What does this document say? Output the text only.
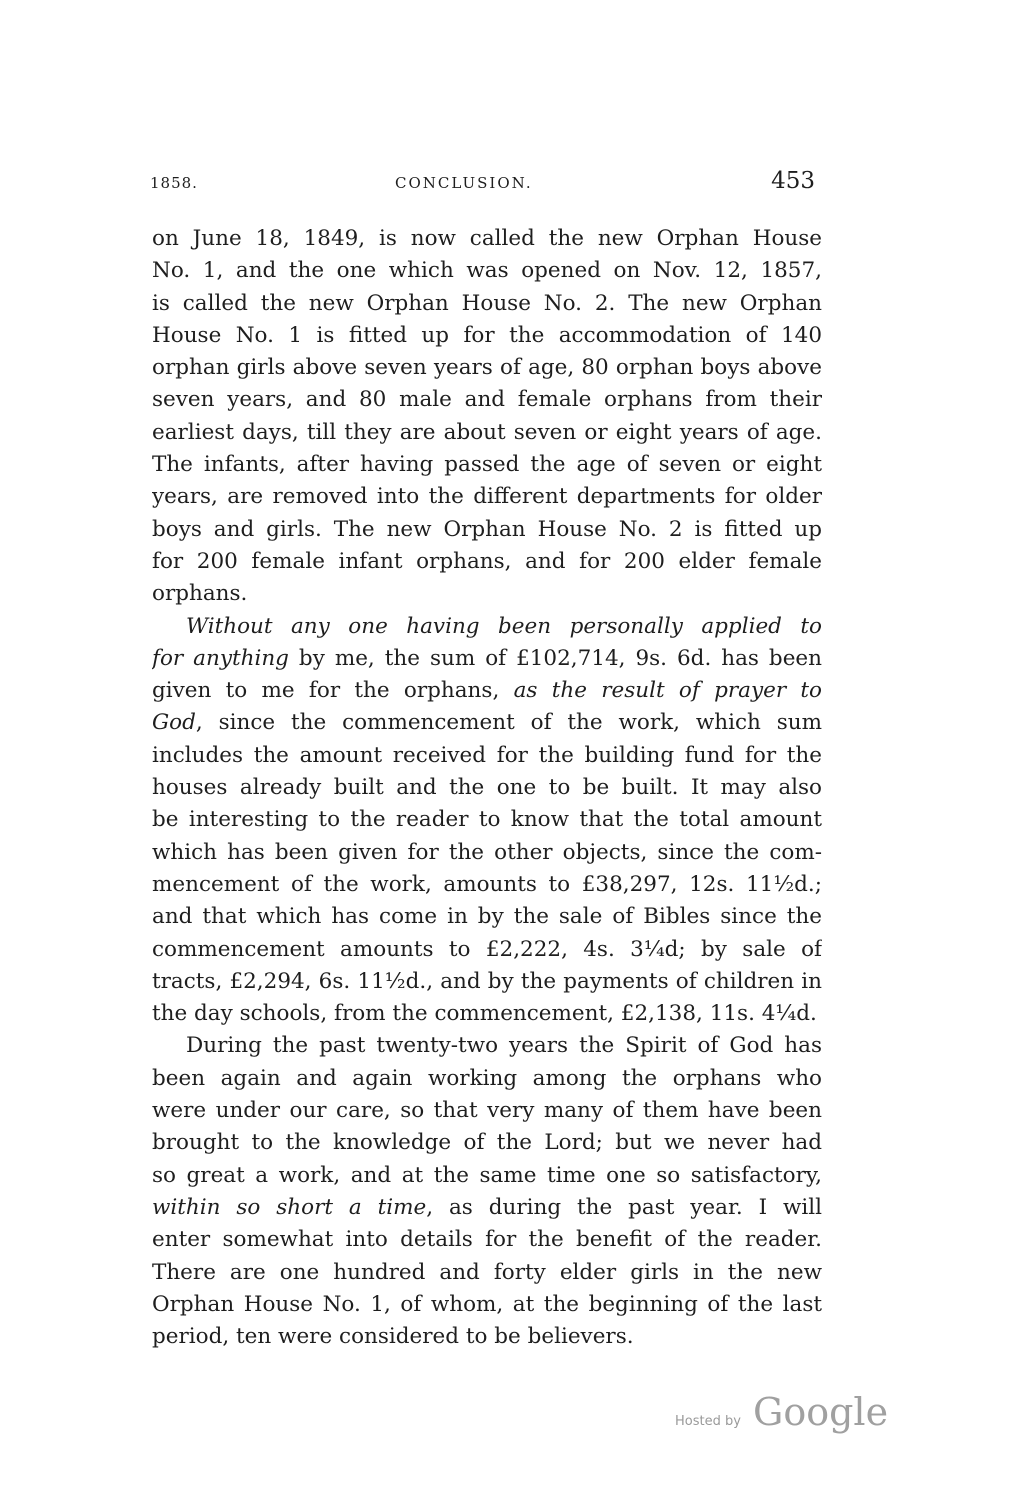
1858.	CONCLUSION.	453
on June 18, 1849, is now called the new Orphan House
No. 1, and the one which was opened on Nov. 12, 1857,
is called the new Orphan House No. 2. The new Orphan
House No. 1 is fitted up for the accommodation of 140
orphan girls above seven years of age, 80 orphan boys above
seven years, and 80 male and female orphans from their
earliest days, till they are about seven or eight years of age.
The infants, after having passed the age of seven or eight
years, are removed into the different departments for older
boys and girls. The new Orphan House No. 2 is fitted up
for 200 female infant orphans, and for 200 elder female
orphans.
Without any one having been personally applied to
for anything by me, the sum of £102,714, 9s. 6d. has been
given to me for the orphans, as the result of prayer to
God, since the commencement of the work, which sum
includes the amount received for the building fund for the
houses already built and the one to be built. It may also
be interesting to the reader to know that the total amount
which has been given for the other objects, since the com-
mencement of the work, amounts to £38,297, 12s. 11½d.;
and that which has come in by the sale of Bibles since the
commencement amounts to £2,222, 4s. 3¼d; by sale of
tracts, £2,294, 6s. 11½d., and by the payments of children in
the day schools, from the commencement, £2,138, 11s. 4¼d.
During the past twenty-two years the Spirit of God has
been again and again working among the orphans who
were under our care, so that very many of them have been
brought to the knowledge of the Lord; but we never had
so great a work, and at the same time one so satisfactory,
within so short a time, as during the past year. I will
enter somewhat into details for the benefit of the reader.
There are one hundred and forty elder girls in the new
Orphan House No. 1, of whom, at the beginning of the last
period, ten were considered to be believers.
Hosted by Google
